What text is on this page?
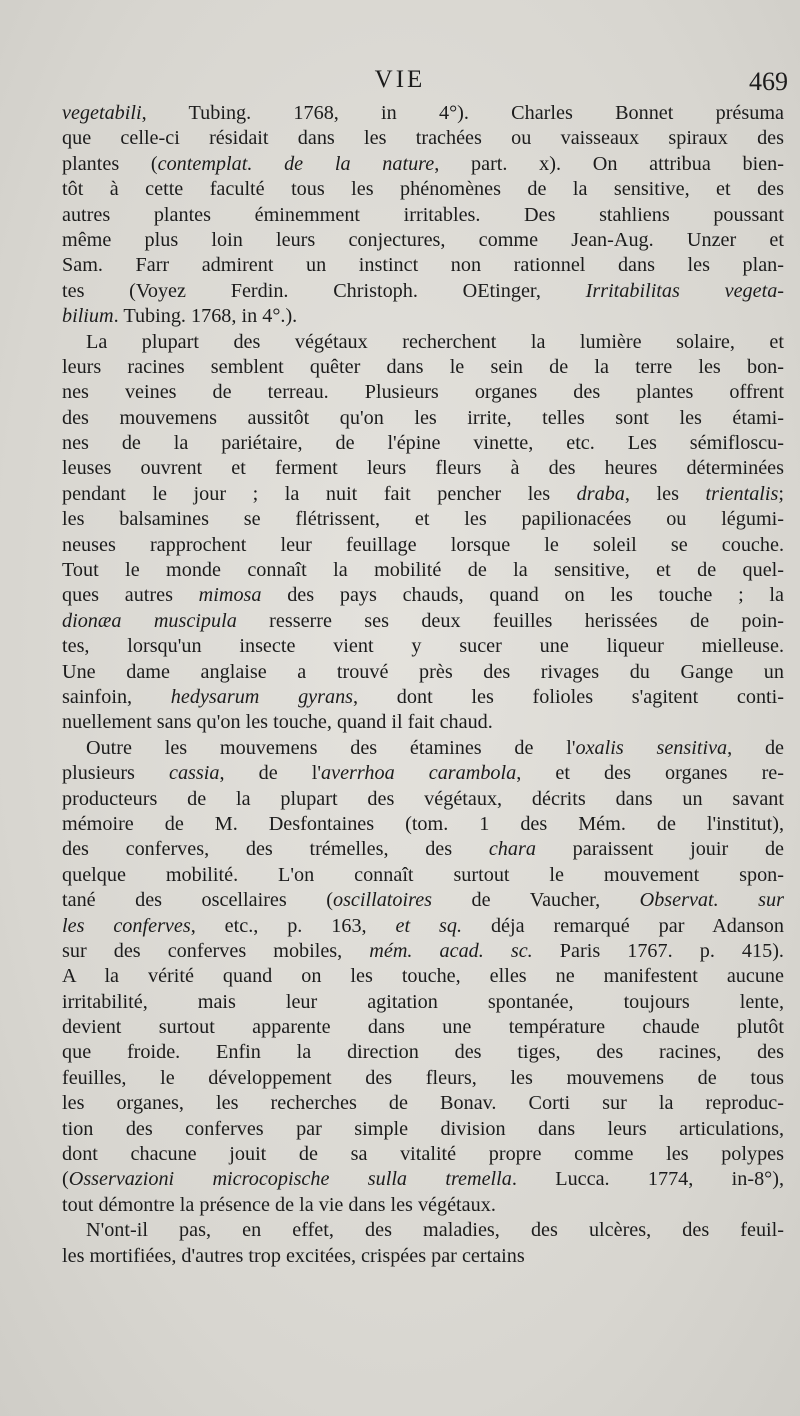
VIE	469
vegetabili, Tubing. 1768, in 4°). Charles Bonnet présuma
que celle-ci résidait dans les trachées ou vaisseaux spiraux des
plantes (contemplat. de la nature, part. x). On attribua bien-
tôt à cette faculté tous les phénomènes de la sensitive, et des
autres plantes éminemment irritables. Des stahliens poussant
même plus loin leurs conjectures, comme Jean-Aug. Unzer et
Sam. Farr admirent un instinct non rationnel dans les plan-
tes (Voyez Ferdin. Christoph. OEtinger, Irritabilitas vegeta-
bilium. Tubing. 1768, in 4°.).
La plupart des végétaux recherchent la lumière solaire, et
leurs racines semblent quêter dans le sein de la terre les bon-
nes veines de terreau. Plusieurs organes des plantes offrent
des mouvemens aussitôt qu'on les irrite, telles sont les étami-
nes de la pariétaire, de l'épine vinette, etc. Les sémifloscu-
leuses ouvrent et ferment leurs fleurs à des heures déterminées
pendant le jour ; la nuit fait pencher les draba, les trientalis;
les balsamines se flétrissent, et les papilionacées ou légumi-
neuses rapprochent leur feuillage lorsque le soleil se couche.
Tout le monde connaît la mobilité de la sensitive, et de quel-
ques autres mimosa des pays chauds, quand on les touche ; la
dionæa muscipula resserre ses deux feuilles herissées de poin-
tes, lorsqu'un insecte vient y sucer une liqueur mielleuse.
Une dame anglaise a trouvé près des rivages du Gange un
sainfoin, hedysarum gyrans, dont les folioles s'agitent conti-
nuellement sans qu'on les touche, quand il fait chaud.
Outre les mouvemens des étamines de l'oxalis sensitiva, de
plusieurs cassia, de l'averrhoa carambola, et des organes re-
producteurs de la plupart des végétaux, décrits dans un savant
mémoire de M. Desfontaines (tom. 1 des Mém. de l'institut),
des conferves, des trémelles, des chara paraissent jouir de
quelque mobilité. L'on connaît surtout le mouvement spon-
tané des oscellaires (oscillatoires de Vaucher, Observat. sur
les conferves, etc., p. 163, et sq. déja remarqué par Adanson
sur des conferves mobiles, mém. acad. sc. Paris 1767. p. 415).
A la vérité quand on les touche, elles ne manifestent aucune
irritabilité, mais leur agitation spontanée, toujours lente,
devient surtout apparente dans une température chaude plutôt
que froide. Enfin la direction des tiges, des racines, des
feuilles, le développement des fleurs, les mouvemens de tous
les organes, les recherches de Bonav. Corti sur la reproduc-
tion des conferves par simple division dans leurs articulations,
dont chacune jouit de sa vitalité propre comme les polypes
(Osservazioni microcopische sulla tremella. Lucca. 1774, in-8°),
tout démontre la présence de la vie dans les végétaux.
N'ont-il pas, en effet, des maladies, des ulcères, des feuil-
les mortifiées, d'autres trop excitées, crispées par certains
